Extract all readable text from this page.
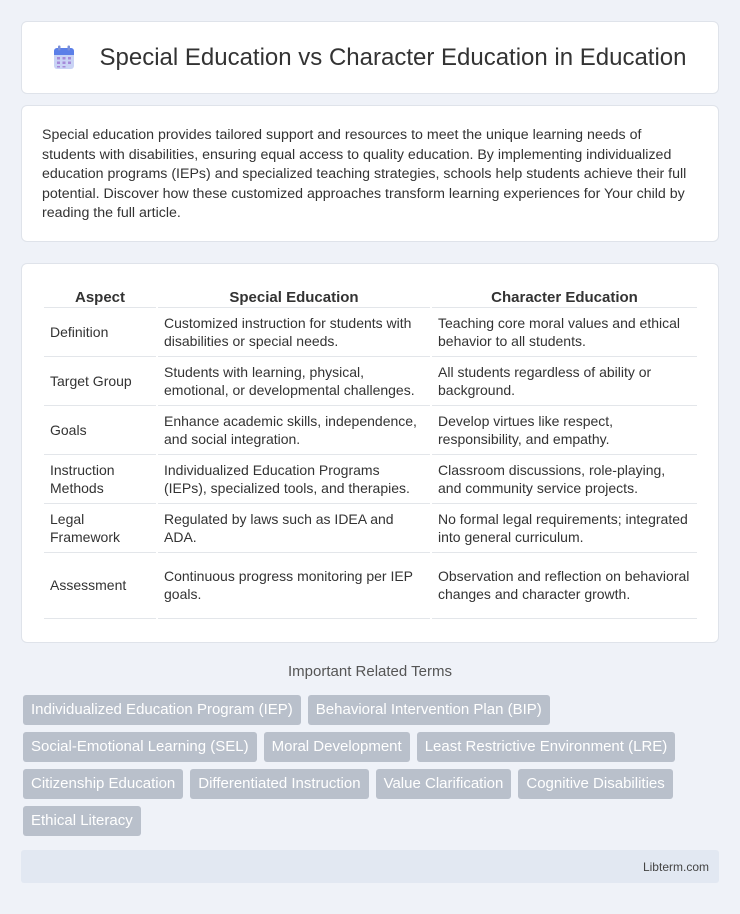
Special Education vs Character Education in Education

Special education provides tailored support and resources to meet the unique learning needs of students with disabilities, ensuring equal access to quality education. By implementing individualized education programs (IEPs) and specialized teaching strategies, schools help students achieve their full potential. Discover how these customized approaches transform learning experiences for Your child by reading the full article.

Aspect	Special Education	Character Education
Definition	Customized instruction for students with disabilities or special needs.	Teaching core moral values and ethical behavior to all students.
Target Group	Students with learning, physical, emotional, or developmental challenges.	All students regardless of ability or background.
Goals	Enhance academic skills, independence, and social integration.	Develop virtues like respect, responsibility, and empathy.
Instruction Methods	Individualized Education Programs (IEPs), specialized tools, and therapies.	Classroom discussions, role-playing, and community service projects.
Legal Framework	Regulated by laws such as IDEA and ADA.	No formal legal requirements; integrated into general curriculum.
Assessment	Continuous progress monitoring per IEP goals.	Observation and reflection on behavioral changes and character growth.
Important Related Terms
Individualized Education Program (IEP)	Behavioral Intervention Plan (BIP)
Social-Emotional Learning (SEL)	Moral Development	Least Restrictive Environment (LRE)
Citizenship Education	Differentiated Instruction	Value Clarification	Cognitive Disabilities
Ethical Literacy
Libterm.com
